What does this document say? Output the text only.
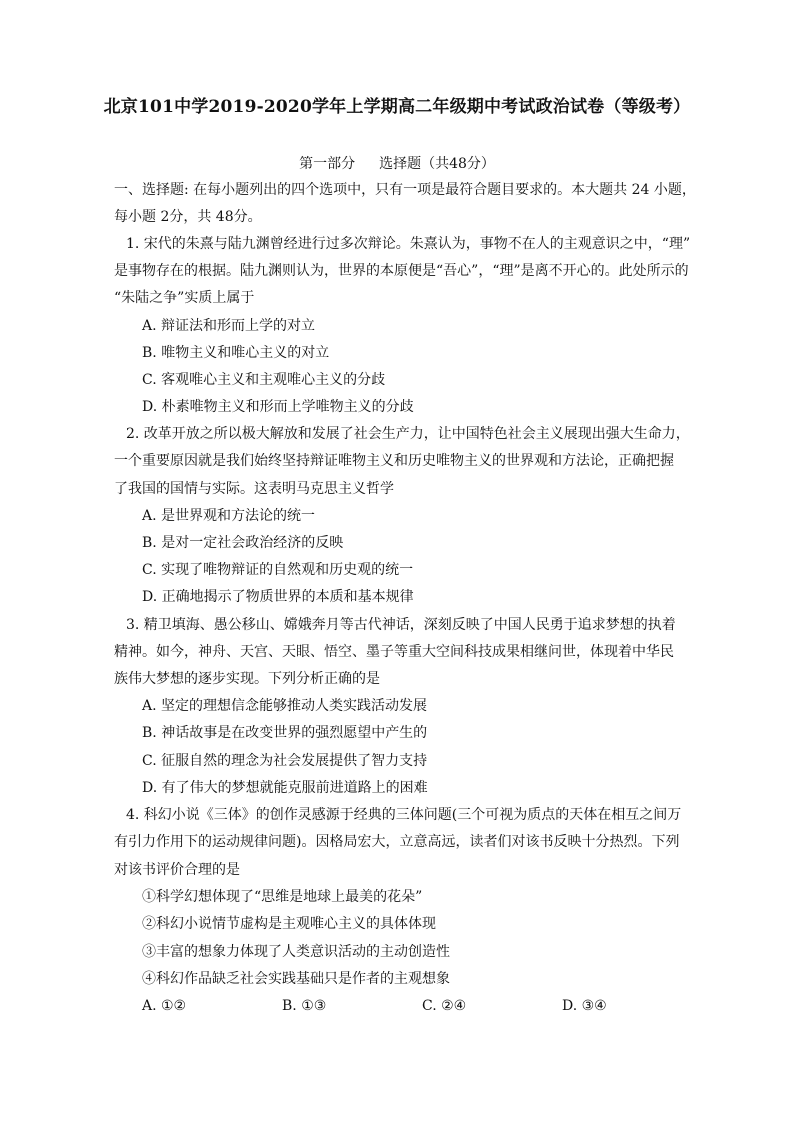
北京101中学2019-2020学年上学期高二年级期中考试政治试卷（等级考）
第一部分 选择题（共48分）
一、选择题: 在每小题列出的四个选项中，只有一项是最符合题目要求的。本大题共 24 小题，
每小题 2分，共 48分。
1. 宋代的朱熹与陆九渊曾经进行过多次辩论。朱熹认为，事物不在人的主观意识之中，“理”
是事物存在的根据。陆九渊则认为，世界的本原便是“吾心”，“理”是离不开心的。此处所示的
“朱陆之争”实质上属于
A. 辩证法和形而上学的对立
B. 唯物主义和唯心主义的对立
C. 客观唯心主义和主观唯心主义的分歧
D. 朴素唯物主义和形而上学唯物主义的分歧
2. 改革开放之所以极大解放和发展了社会生产力，让中国特色社会主义展现出强大生命力，
一个重要原因就是我们始终坚持辩证唯物主义和历史唯物主义的世界观和方法论，正确把握
了我国的国情与实际。这表明马克思主义哲学
A. 是世界观和方法论的统一
B. 是对一定社会政治经济的反映
C. 实现了唯物辩证的自然观和历史观的统一
D. 正确地揭示了物质世界的本质和基本规律
3. 精卫填海、愚公移山、嫦娥奔月等古代神话，深刻反映了中国人民勇于追求梦想的执着
精神。如今，神舟、天宫、天眼、悟空、墨子等重大空间科技成果相继问世，体现着中华民
族伟大梦想的逐步实现。下列分析正确的是
A. 坚定的理想信念能够推动人类实践活动发展
B. 神话故事是在改变世界的强烈愿望中产生的
C. 征服自然的理念为社会发展提供了智力支持
D. 有了伟大的梦想就能克服前进道路上的困难
4. 科幻小说《三体》的创作灵感源于经典的三体问题(三个可视为质点的天体在相互之间万
有引力作用下的运动规律问题)。因格局宏大，立意高远，读者们对该书反映十分热烈。下列
对该书评价合理的是
①科学幻想体现了“思维是地球上最美的花朵”
②科幻小说情节虚构是主观唯心主义的具体体现
③丰富的想象力体现了人类意识活动的主动创造性
④科幻作品缺乏社会实践基础只是作者的主观想象
A. ①②	B. ①③	C. ②④	D. ③④
